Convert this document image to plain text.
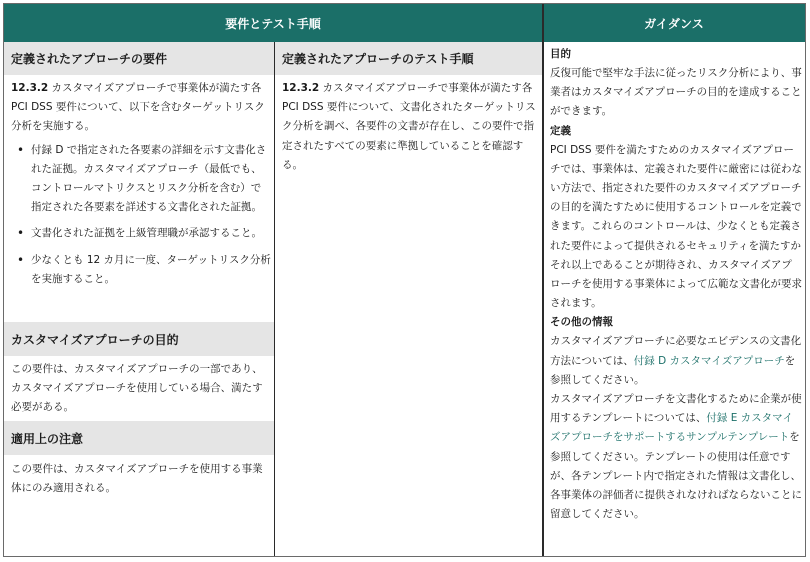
要件とテスト手順	ガイダンス
定義されたアプローチの要件
12.3.2 カスタマイズアプローチで事業体が満たす各 PCI DSS 要件について、以下を含むターゲットリスク分析を実施する。
• 付録 D で指定された各要素の詳細を示す文書化された証拠。カスタマイズアプローチ（最低でも、コントロールマトリクスとリスク分析を含む）で指定された各要素を詳述する文書化された証拠。
• 文書化された証拠を上級管理職が承認すること。
• 少なくとも 12 カ月に一度、ターゲットリスク分析を実施すること。
カスタマイズアプローチの目的
この要件は、カスタマイズアプローチの一部であり、カスタマイズアプローチを使用している場合、満たす必要がある。
適用上の注意
この要件は、カスタマイズアプローチを使用する事業体にのみ適用される。
定義されたアプローチのテスト手順
12.3.2 カスタマイズアプローチで事業体が満たす各 PCI DSS 要件について、文書化されたターゲットリスク分析を調べ、各要件の文書が存在し、この要件で指定されたすべての要素に準拠していることを確認する。
目的

反復可能で堅牢な手法に従ったリスク分析により、事業者はカスタマイズアプローチの目的を達成することができます。

定義

PCI DSS 要件を満たすためのカスタマイズアプローチでは、事業体は、定義された要件に厳密には従わない方法で、指定された要件のカスタマイズアプローチの目的を満たすために使用するコントロールを定義できます。これらのコントロールは、少なくとも定義された要件によって提供されるセキュリティを満たすかそれ以上であることが期待され、カスタマイズアプローチを使用する事業体によって広範な文書化が要求されます。

その他の情報

カスタマイズアプローチに必要なエビデンスの文書化方法については、付録 D カスタマイズアプローチを参照してください。

カスタマイズアプローチを文書化するために企業が使用するテンプレートについては、付録 E カスタマイズアプローチをサポートするサンプルテンプレートを参照してください。テンプレートの使用は任意ですが、各テンプレート内で指定された情報は文書化し、各事業体の評価者に提供されなければならないことに留意してください。
